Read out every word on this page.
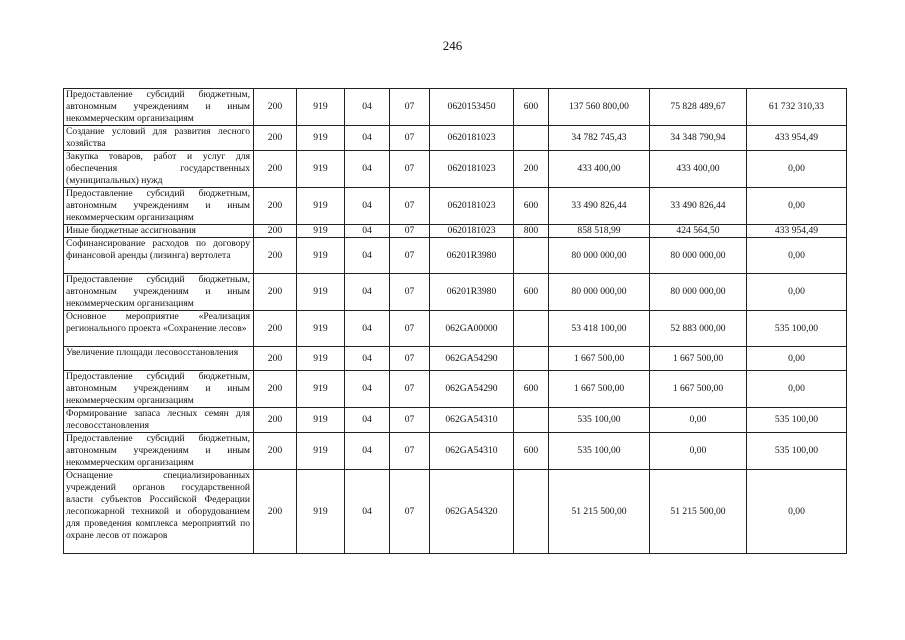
246
Предоставление субсидий бюджетным, автономным учреждениям и иным некоммерческим организациям	200	919	04	07	0620153450	600	137 560 800,00	75 828 489,67	61 732 310,33
Создание условий для развития лесного хозяйства	200	919	04	07	0620181023		34 782 745,43	34 348 790,94	433 954,49
Закупка товаров, работ и услуг для обеспечения государственных (муниципальных) нужд	200	919	04	07	0620181023	200	433 400,00	433 400,00	0,00
Предоставление субсидий бюджетным, автономным учреждениям и иным некоммерческим организациям	200	919	04	07	0620181023	600	33 490 826,44	33 490 826,44	0,00
Иные бюджетные ассигнования	200	919	04	07	0620181023	800	858 518,99	424 564,50	433 954,49
Софинансирование расходов по договору финансовой аренды (лизинга) вертолета	200	919	04	07	06201R3980		80 000 000,00	80 000 000,00	0,00
Предоставление субсидий бюджетным, автономным учреждениям и иным некоммерческим организациям	200	919	04	07	06201R3980	600	80 000 000,00	80 000 000,00	0,00
Основное мероприятие «Реализация регионального проекта «Сохранение лесов»	200	919	04	07	062GA00000		53 418 100,00	52 883 000,00	535 100,00
Увеличение площади лесовосстановления	200	919	04	07	062GA54290		1 667 500,00	1 667 500,00	0,00
Предоставление субсидий бюджетным, автономным учреждениям и иным некоммерческим организациям	200	919	04	07	062GA54290	600	1 667 500,00	1 667 500,00	0,00
Формирование запаса лесных семян для лесовосстановления	200	919	04	07	062GA54310		535 100,00	0,00	535 100,00
Предоставление субсидий бюджетным, автономным учреждениям и иным некоммерческим организациям	200	919	04	07	062GA54310	600	535 100,00	0,00	535 100,00
Оснащение специализированных учреждений органов государственной власти субъектов Российской Федерации лесопожарной техникой и оборудованием для проведения комплекса мероприятий по охране лесов от пожаров	200	919	04	07	062GA54320		51 215 500,00	51 215 500,00	0,00
